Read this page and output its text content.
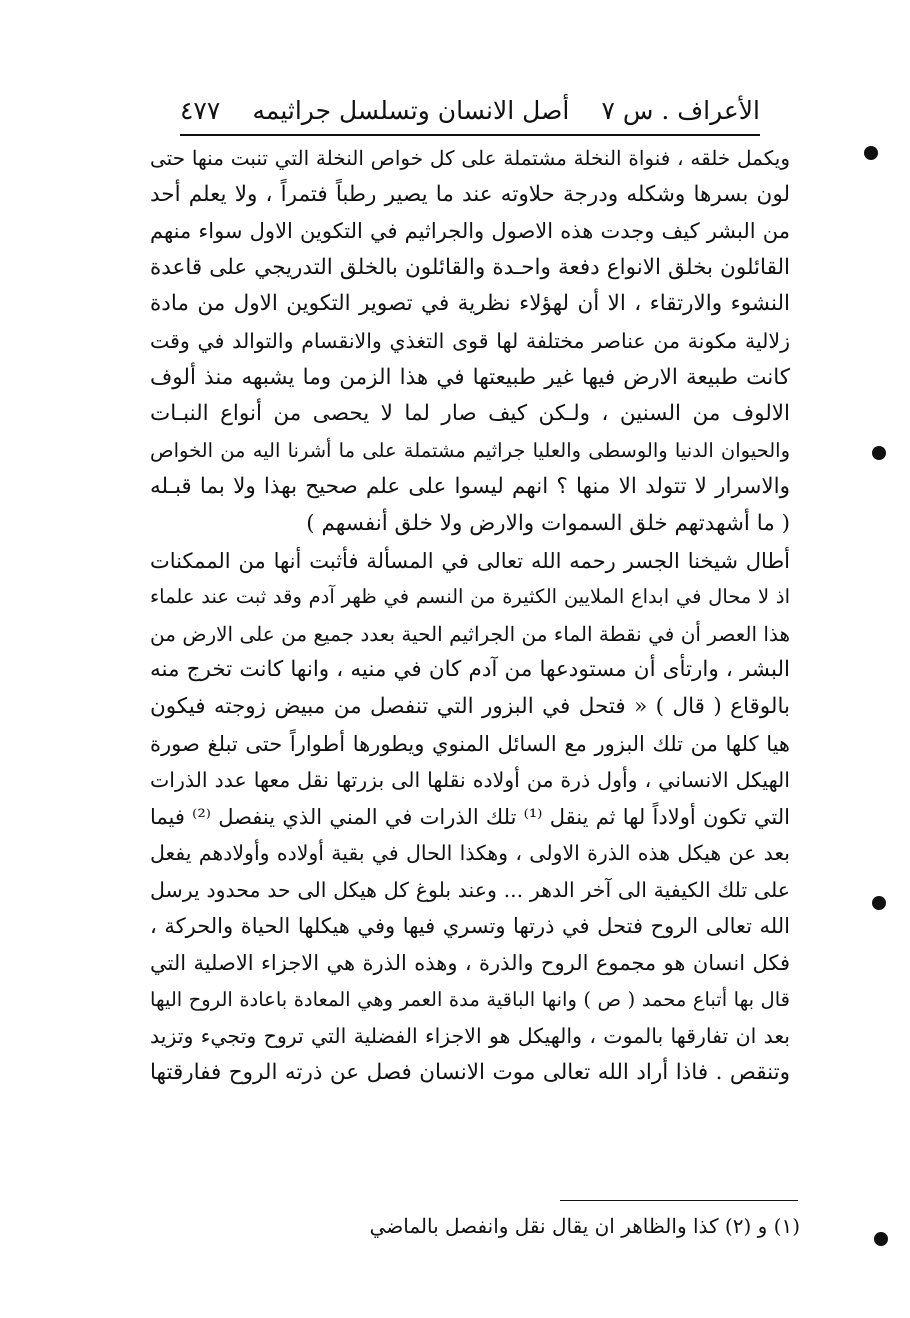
الأعراف . س ٧
أصل الانسان وتسلسل جراثيمه
٤٧٧
ويكمل خلقه ، فنواة النخلة مشتملة على كل خواص النخلة التي تنبت منها حتى
لون بسرها وشكله ودرجة حلاوته عند ما يصير رطباً فتمراً ، ولا يعلم أحد
من البشر كيف وجدت هذه الاصول والجراثيم في التكوين الاول سواء منهم
القائلون بخلق الانواع دفعة واحـدة والقائلون بالخلق التدريجي على قاعدة
النشوء والارتقاء ، الا أن لهؤلاء نظرية في تصوير التكوين الاول من مادة
زلالية مكونة من عناصر مختلفة لها قوى التغذي والانقسام والتوالد في وقت
كانت طبيعة الارض فيها غير طبيعتها في هذا الزمن وما يشبهه منذ ألوف
الالوف من السنين ، ولـكن كيف صار لما لا يحصى من أنواع النبـات
والحيوان الدنيا والوسطى والعليا جراثيم مشتملة على ما أشرنا اليه من الخواص
والاسرار لا تتولد الا منها ؟ انهم ليسوا على علم صحيح بهذا ولا بما قبـله
( ما أشهدتهم خلق السموات والارض ولا خلق أنفسهم )
أطال شيخنا الجسر رحمه الله تعالى في المسألة فأثبت أنها من الممكنات
اذ لا محال في ابداع الملايين الكثيرة من النسم في ظهر آدم وقد ثبت عند علماء
هذا العصر أن في نقطة الماء من الجراثيم الحية بعدد جميع من على الارض من
البشر ، وارتأى أن مستودعها من آدم كان في منيه ، وانها كانت تخرج منه
بالوقاع ( قال ) « فتحل في البزور التي تنفصل من مبيض زوجته فيكون
هيا كلها من تلك البزور مع السائل المنوي ويطورها أطواراً حتى تبلغ صورة
الهيكل الانساني ، وأول ذرة من أولاده نقلها الى بزرتها نقل معها عدد الذرات
التي تكون أولاداً لها ثم ينقل ⁽¹⁾ تلك الذرات في المني الذي ينفصل ⁽²⁾ فيما
بعد عن هيكل هذه الذرة الاولى ، وهكذا الحال في بقية أولاده وأولادهم يفعل
على تلك الكيفية الى آخر الدهر ... وعند بلوغ كل هيكل الى حد محدود يرسل
الله تعالى الروح فتحل في ذرتها وتسري فيها وفي هيكلها الحياة والحركة ،
فكل انسان هو مجموع الروح والذرة ، وهذه الذرة هي الاجزاء الاصلية التي
قال بها أتباع محمد ( ص ) وانها الباقية مدة العمر وهي المعادة باعادة الروح اليها
بعد ان تفارقها بالموت ، والهيكل هو الاجزاء الفضلية التي تروح وتجيء وتزيد
وتنقص . فاذا أراد الله تعالى موت الانسان فصل عن ذرته الروح ففارقتها
(١) و (٢) كذا والظاهر ان يقال نقل وانفصل بالماضي
